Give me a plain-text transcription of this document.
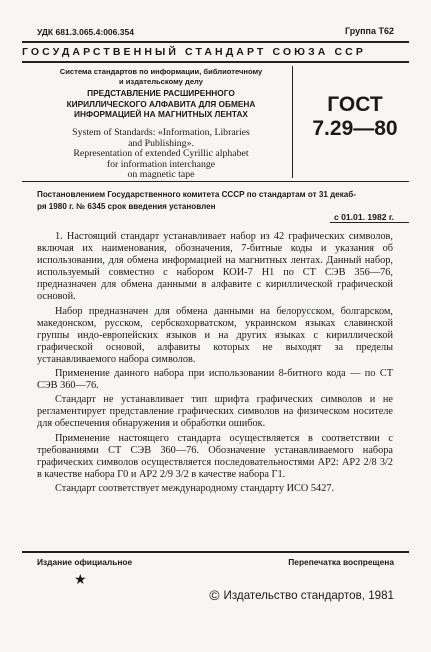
УДК 681.3.065.4:006.354	Группа Т62
ГОСУДАРСТВЕННЫЙ СТАНДАРТ СОЮЗА ССР
Система стандартов по информации, библиотечному
и издательскому делу
ПРЕДСТАВЛЕНИЕ РАСШИРЕННОГО
КИРИЛЛИЧЕСКОГО АЛФАВИТА ДЛЯ ОБМЕНА
ИНФОРМАЦИЕЙ НА МАГНИТНЫХ ЛЕНТАХ
System of Standards: «Information, Libraries
and Publishing».
Representation of extended Cyrillic alphabet
for information interchange
on magnetic tape
ГОСТ
7.29—80
Постановлением Государственного комитета СССР по стандартам от 31 декаб-
ря 1980 г. № 6345 срок введения установлен
с 01.01. 1982 г.

1. Настоящий стандарт устанавливает набор из 42 графических символов, включая их наименования, обозначения, 7-битные коды и указания об использовании, для обмена информацией на магнитных лентах. Данный набор, используемый совместно с набором КОИ-7 Н1 по СТ СЭВ 356—76, предназначен для обмена данными в алфавите с кириллической графической основой.

Набор предназначен для обмена данными на белорусском, болгарском, македонском, русском, сербскохорватском, украинском языках славянской группы индо-европейских языков и на других языках с кириллической графической основой, алфавиты которых не выходят за пределы устанавливаемого набора символов.

Применение данного набора при использовании 8-битного кода — по СТ СЭВ 360—76.

Стандарт не устанавливает тип шрифта графических символов и не регламентирует представление графических символов на физическом носителе для обеспечения обнаружения и обработки ошибок.

Применение настоящего стандарта осуществляется в соответствии с требованиями СТ СЭВ 360—76. Обозначение устанавливаемого набора графических символов осуществляется последовательностями АР2: АР2 2/8 3/2 в качестве набора Г0 и АР2 2/9 3/2 в качестве набора Г1.

Стандарт соответствует международному стандарту ИСО 5427.

Издание официальное	Перепечатка воспрещена
★
© Издательство стандартов, 1981
